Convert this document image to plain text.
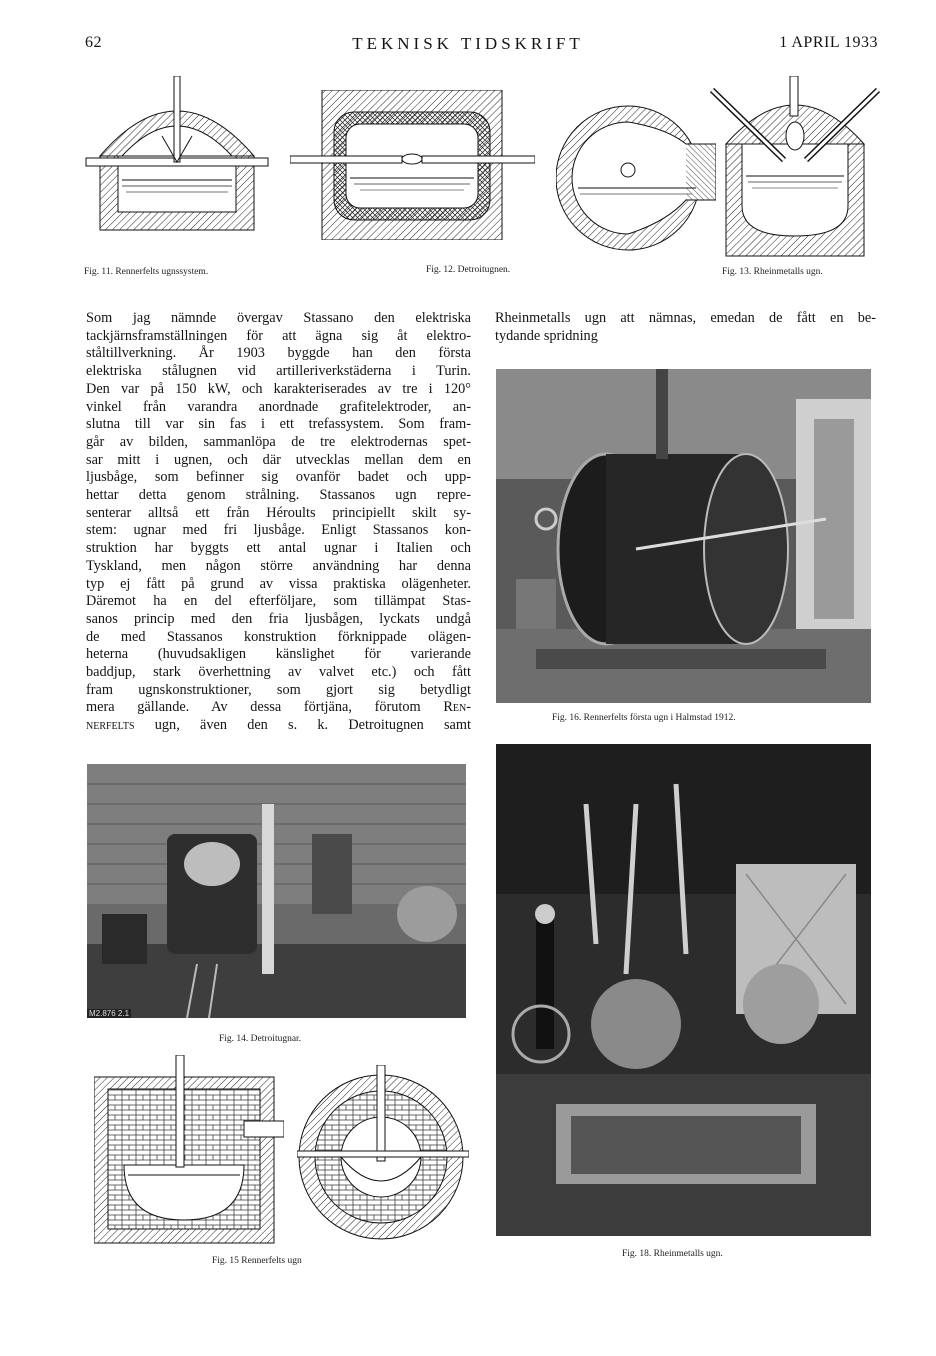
62	TEKNISK TIDSKRIFT	1 APRIL 1933
Fig. 11. Rennerfelts ugnssystem.	Fig. 12. Detroitugnen.	Fig. 13. Rheinmetalls ugn.
Som jag nämnde övergav Stassano den elektriska
tackjärnsframställningen för att ägna sig åt elektro-
ståltillverkning. År 1903 byggde han den första
elektriska stålugnen vid artilleriverkstäderna i Turin.
Den var på 150 kW, och karakteriserades av tre i 120°
vinkel från varandra anordnade grafitelektroder, an-
slutna till var sin fas i ett trefassystem. Som fram-
går av bilden, sammanlöpa de tre elektrodernas spet-
sar mitt i ugnen, och där utvecklas mellan dem en
ljusbåge, som befinner sig ovanför badet och upp-
hettar detta genom strålning. Stassanos ugn repre-
senterar alltså ett från Héroults principiellt skilt sy-
stem: ugnar med fri ljusbåge. Enligt Stassanos kon-
struktion har byggts ett antal ugnar i Italien och
Tyskland, men någon större användning har denna
typ ej fått på grund av vissa praktiska olägenheter.
Däremot ha en del efterföljare, som tillämpat Stas-
sanos princip med den fria ljusbågen, lyckats undgå
de med Stassanos konstruktion förknippade olägen-
heterna (huvudsakligen känslighet för varierande
baddjup, stark överhettning av valvet etc.) och fått
fram ugnskonstruktioner, som gjort sig betydligt
mera gällande. Av dessa förtjäna, förutom Ren-
nerfelts ugn, även den s. k. Detroitugnen samt
Rheinmetalls ugn att nämnas, emedan de fått en be-
tydande spridning
Fig. 16. Rennerfelts första ugn i Halmstad 1912.
M2.876 2.1
Fig. 14. Detroitugnar.
Fig. 15 Rennerfelts ugn
Fig. 18. Rheinmetalls ugn.
